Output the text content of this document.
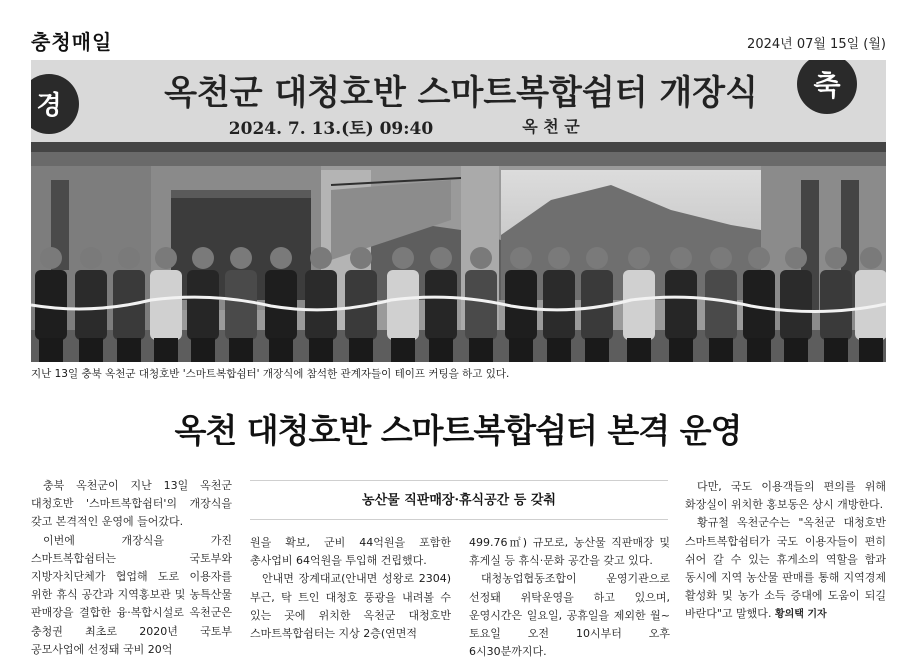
충청매일	2024년 07월 15일 (월)
경
축
옥천군 대청호반 스마트복합쉼터 개장식
2024. 7. 13.(토) 09:40	옥 천 군
지난 13일 충북 옥천군 대청호반 '스마트복합쉼터' 개장식에 참석한 관계자들이 테이프 커팅을 하고 있다.
옥천 대청호반 스마트복합쉼터 본격 운영
농산물 직판매장·휴식공간 등 갖춰

충북 옥천군이 지난 13일 옥천군 대청호반 '스마트복합쉼터'의 개장식을 갖고 본격적인 운영에 들어갔다.

이번에 개장식을 가진 스마트복합쉼터는 국토부와 지방자치단체가 협업해 도로 이용자를 위한 휴식 공간과 지역홍보관 및 농특산물 판매장을 결합한 융·복합시설로 옥천군은 충청권 최초로 2020년 국토부 공모사업에 선정돼 국비 20억

원을 확보, 군비 44억원을 포함한 총사업비 64억원을 투입해 건립했다.

안내면 장계대교(안내면 성왕로 2304) 부근, 탁 트인 대청호 풍광을 내려볼 수 있는 곳에 위치한 옥천군 대청호반 스마트복합쉼터는 지상 2층(연면적

499.76㎡) 규모로, 농산물 직판매장 및 휴게실 등 휴식·문화 공간을 갖고 있다.

대청농업협동조합이 운영기관으로 선정돼 위탁운영을 하고 있으며, 운영시간은 일요일, 공휴일을 제외한 월~토요일 오전 10시부터 오후 6시30분까지다.

다만, 국도 이용객들의 편의를 위해 화장실이 위치한 홍보동은 상시 개방한다.

황규철 옥천군수는 "옥천군 대청호반 스마트복합쉼터가 국도 이용자들이 편히 쉬어 갈 수 있는 휴게소의 역할을 함과 동시에 지역 농산물 판매를 통해 지역경제 활성화 및 농가 소득 증대에 도움이 되길 바란다"고 말했다. 황의택 기자
